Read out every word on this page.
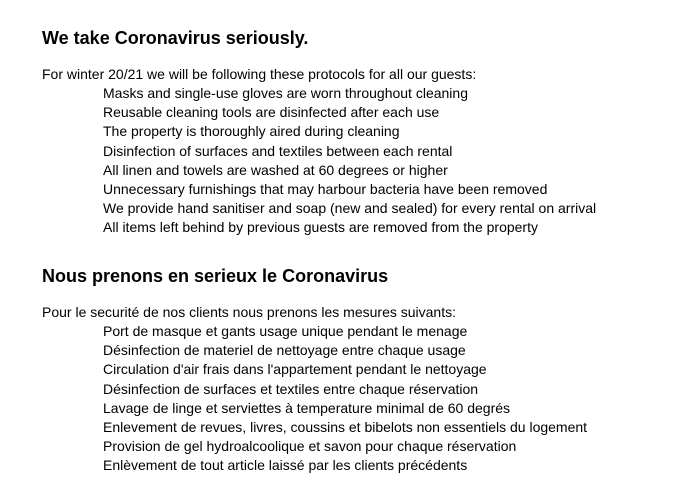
We take Coronavirus seriously.

For winter 20/21 we will be following these protocols for all our guests:

Masks and single-use gloves are worn throughout cleaning
Reusable cleaning tools are disinfected after each use
The property is thoroughly aired during cleaning
Disinfection of surfaces and textiles between each rental
All linen and towels are washed at 60 degrees or higher
Unnecessary furnishings that may harbour bacteria have been removed
We provide hand sanitiser and soap (new and sealed) for every rental on arrival
All items left behind by previous guests are removed from the property
Nous prenons en serieux le Coronavirus

Pour le securité de nos clients nous prenons les mesures suivants:

Port de masque et gants usage unique pendant le menage
Désinfection de materiel de nettoyage entre chaque usage
Circulation d'air frais dans l'appartement pendant le nettoyage
Désinfection de surfaces et textiles entre chaque réservation
Lavage de linge et serviettes à temperature minimal de 60 degrés
Enlevement de revues, livres, coussins et bibelots non essentiels du logement
Provision de gel hydroalcoolique et savon pour chaque réservation
Enlèvement de tout article laissé par les clients précédents
